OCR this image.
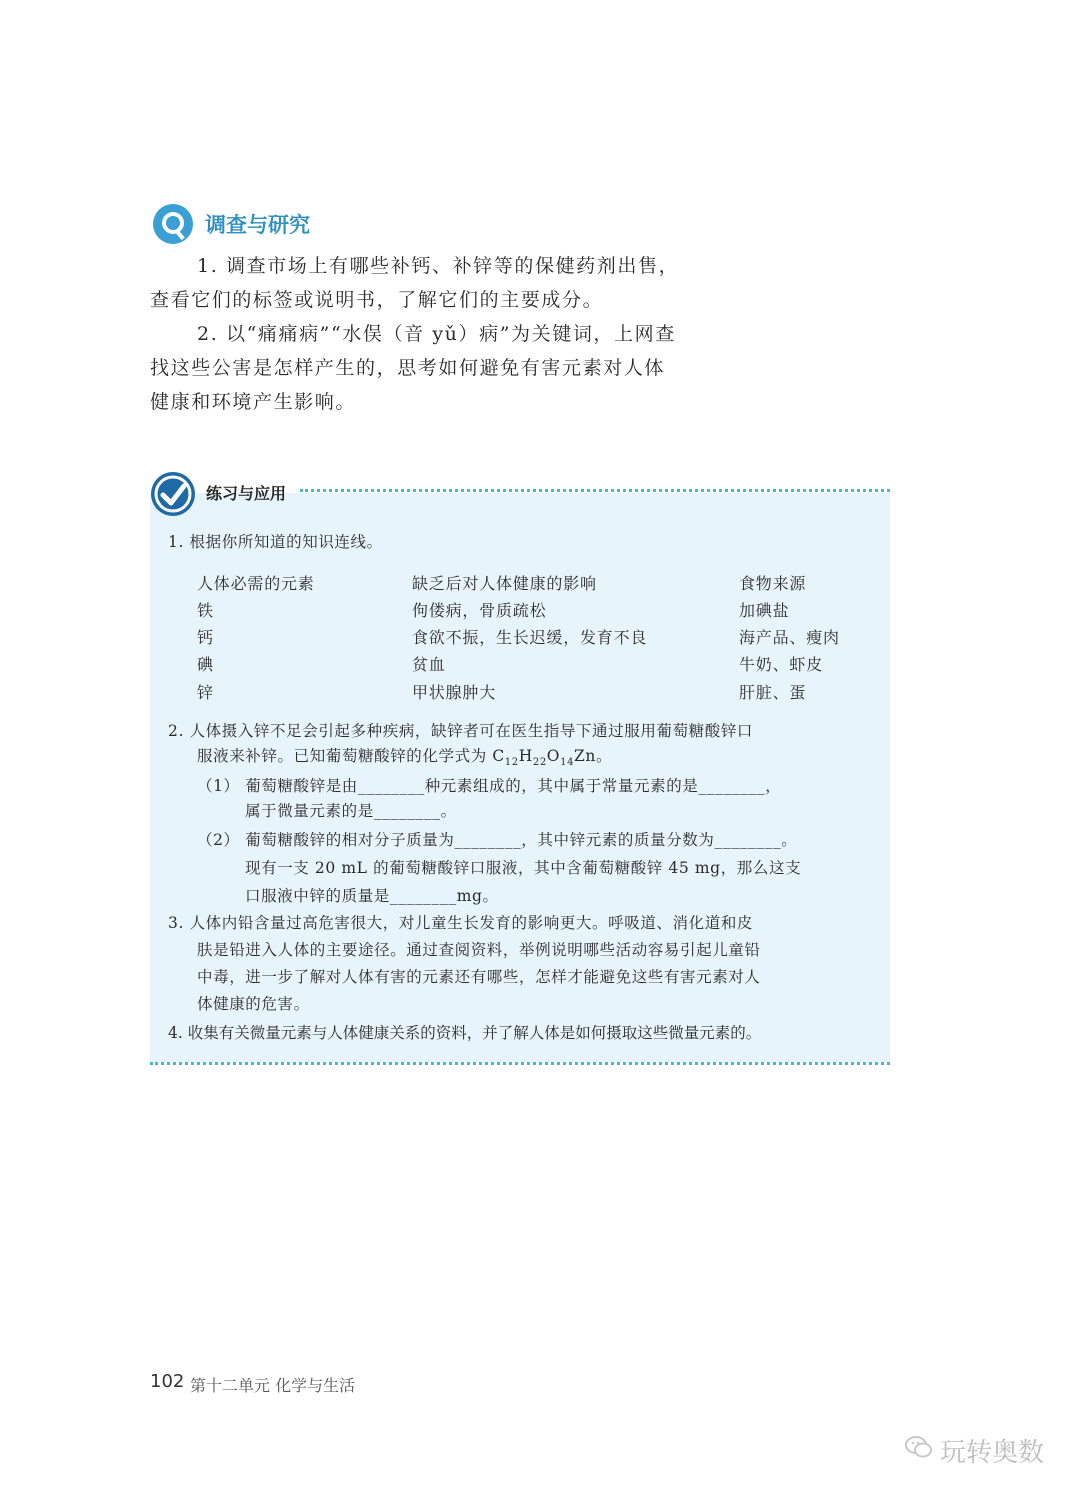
调查与研究
1. 调查市场上有哪些补钙、补锌等的保健药剂出售，
查看它们的标签或说明书，了解它们的主要成分。
2. 以“痛痛病”“水俣（音 yǔ）病”为关键词，上网查
找这些公害是怎样产生的，思考如何避免有害元素对人体
健康和环境产生影响。
练习与应用
1. 根据你所知道的知识连线。
人体必需的元素	缺乏后对人体健康的影响	食物来源
铁
钙
碘
锌
佝偻病，骨质疏松
食欲不振，生长迟缓，发育不良
贫血
甲状腺肿大
加碘盐
海产品、瘦肉
牛奶、虾皮
肝脏、蛋
2. 人体摄入锌不足会引起多种疾病，缺锌者可在医生指导下通过服用葡萄糖酸锌口
服液来补锌。已知葡萄糖酸锌的化学式为 $C_{12}H_{22}O_{14}Zn$。
（1） 葡萄糖酸锌是由________种元素组成的，其中属于常量元素的是________，
属于微量元素的是________。
（2） 葡萄糖酸锌的相对分子质量为________，其中锌元素的质量分数为________。
现有一支 20 mL 的葡萄糖酸锌口服液，其中含葡萄糖酸锌 45 mg，那么这支
口服液中锌的质量是________mg。
3. 人体内铅含量过高危害很大，对儿童生长发育的影响更大。呼吸道、消化道和皮
肤是铅进入人体的主要途径。通过查阅资料，举例说明哪些活动容易引起儿童铅
中毒，进一步了解对人体有害的元素还有哪些，怎样才能避免这些有害元素对人
体健康的危害。
4. 收集有关微量元素与人体健康关系的资料，并了解人体是如何摄取这些微量元素的。
102 第十二单元 化学与生活
玩转奥数
